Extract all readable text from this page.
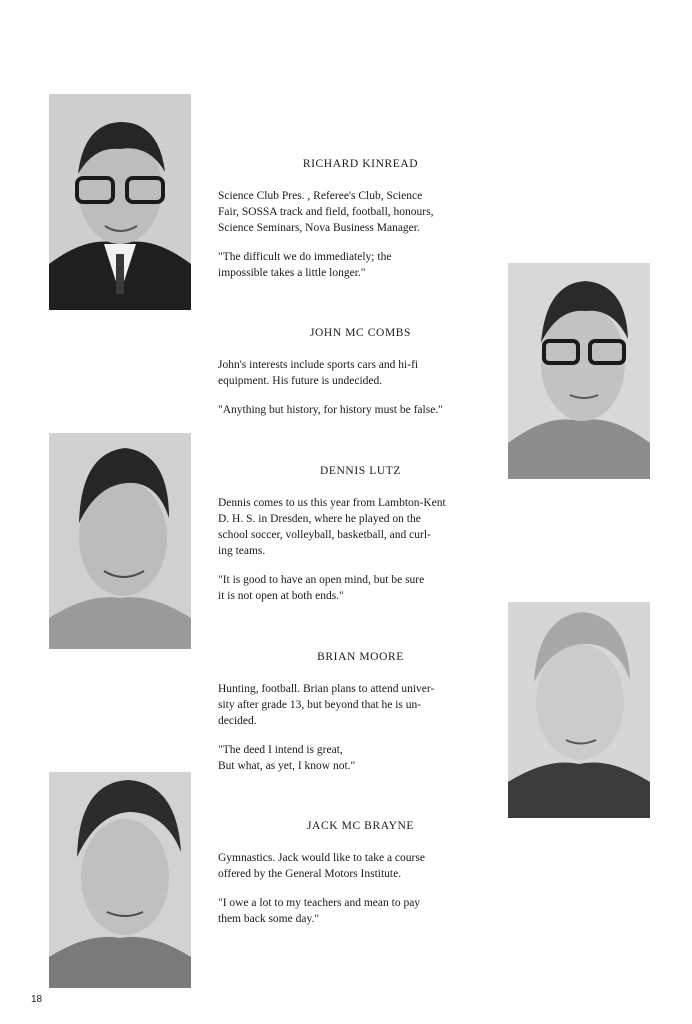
RICHARD KINREAD

Science Club Pres. , Referee's Club, Science
Fair, SOSSA track and field, football, honours,
Science Seminars, Nova Business Manager.

"The difficult we do immediately; the
impossible takes a little longer."

JOHN MC COMBS

John's interests include sports cars and hi-fi
equipment. His future is undecided.

"Anything but history, for history must be false."

DENNIS LUTZ

Dennis comes to us this year from Lambton-Kent
D. H. S. in Dresden, where he played on the
school soccer, volleyball, basketball, and curl-
ing teams.

"It is good to have an open mind, but be sure
it is not open at both ends."

BRIAN MOORE

Hunting, football. Brian plans to attend univer-
sity after grade 13, but beyond that he is un-
decided.

"The deed I intend is great,
But what, as yet, I know not."

JACK MC BRAYNE

Gymnastics. Jack would like to take a course
offered by the General Motors Institute.

"I owe a lot to my teachers and mean to pay
them back some day."

18
